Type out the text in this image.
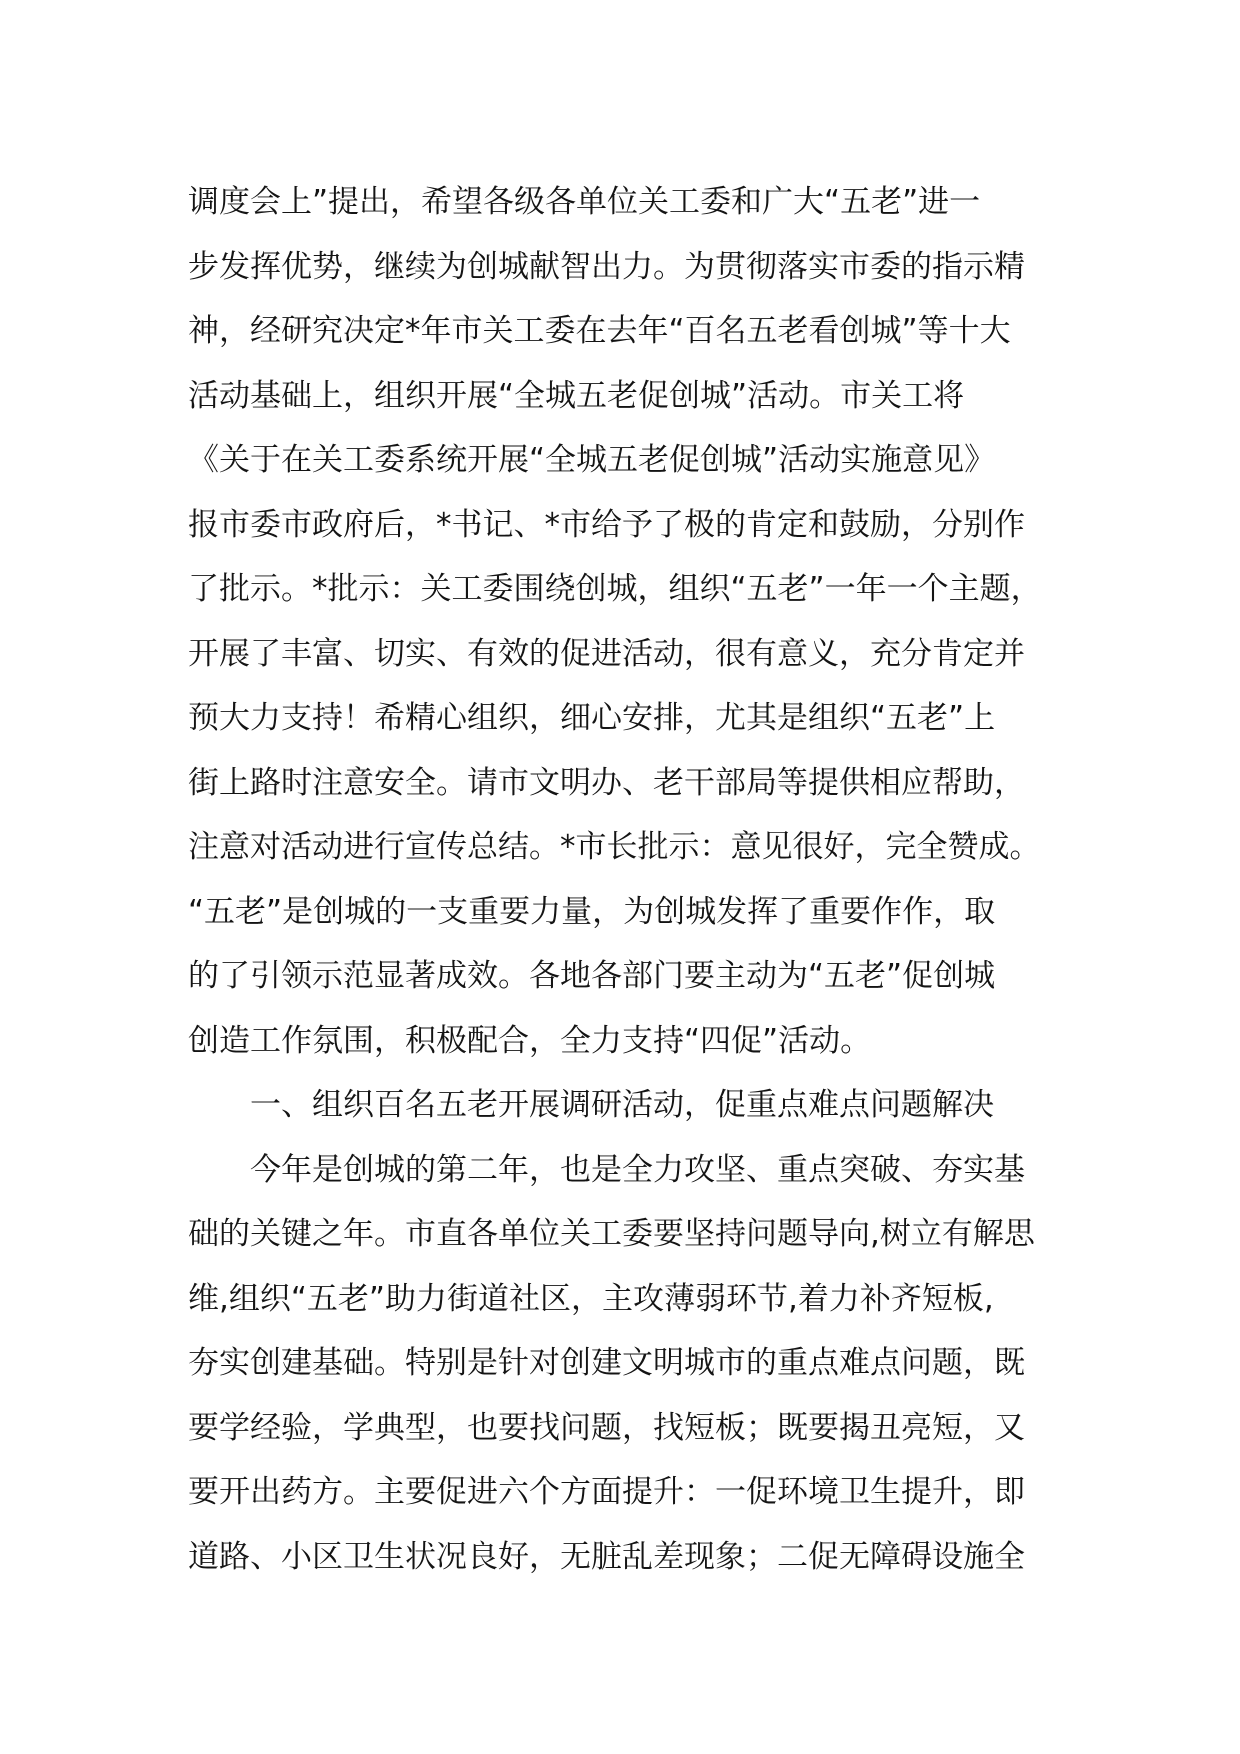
调度会上”提出，希望各级各单位关工委和广大“五老”进一
步发挥优势，继续为创城献智出力。为贯彻落实市委的指示精
神，经研究决定*年市关工委在去年“百名五老看创城”等十大
活动基础上，组织开展“全城五老促创城”活动。市关工将
《关于在关工委系统开展“全城五老促创城”活动实施意见》
报市委市政府后，*书记、*市给予了极的肯定和鼓励，分别作
了批示。*批示：关工委围绕创城，组织“五老”一年一个主题，
开展了丰富、切实、有效的促进活动，很有意义，充分肯定并
预大力支持！希精心组织，细心安排，尤其是组织“五老”上
街上路时注意安全。请市文明办、老干部局等提供相应帮助，
注意对活动进行宣传总结。*市长批示：意见很好，完全赞成。
“五老”是创城的一支重要力量，为创城发挥了重要作作，取
的了引领示范显著成效。各地各部门要主动为“五老”促创城
创造工作氛围，积极配合，全力支持“四促”活动。
一、组织百名五老开展调研活动，促重点难点问题解决
今年是创城的第二年，也是全力攻坚、重点突破、夯实基
础的关键之年。市直各单位关工委要坚持问题导向,树立有解思
维,组织“五老”助力街道社区，主攻薄弱环节,着力补齐短板,
夯实创建基础。特别是针对创建文明城市的重点难点问题，既
要学经验，学典型，也要找问题，找短板；既要揭丑亮短，又
要开出药方。主要促进六个方面提升：一促环境卫生提升，即
道路、小区卫生状况良好，无脏乱差现象；二促无障碍设施全
